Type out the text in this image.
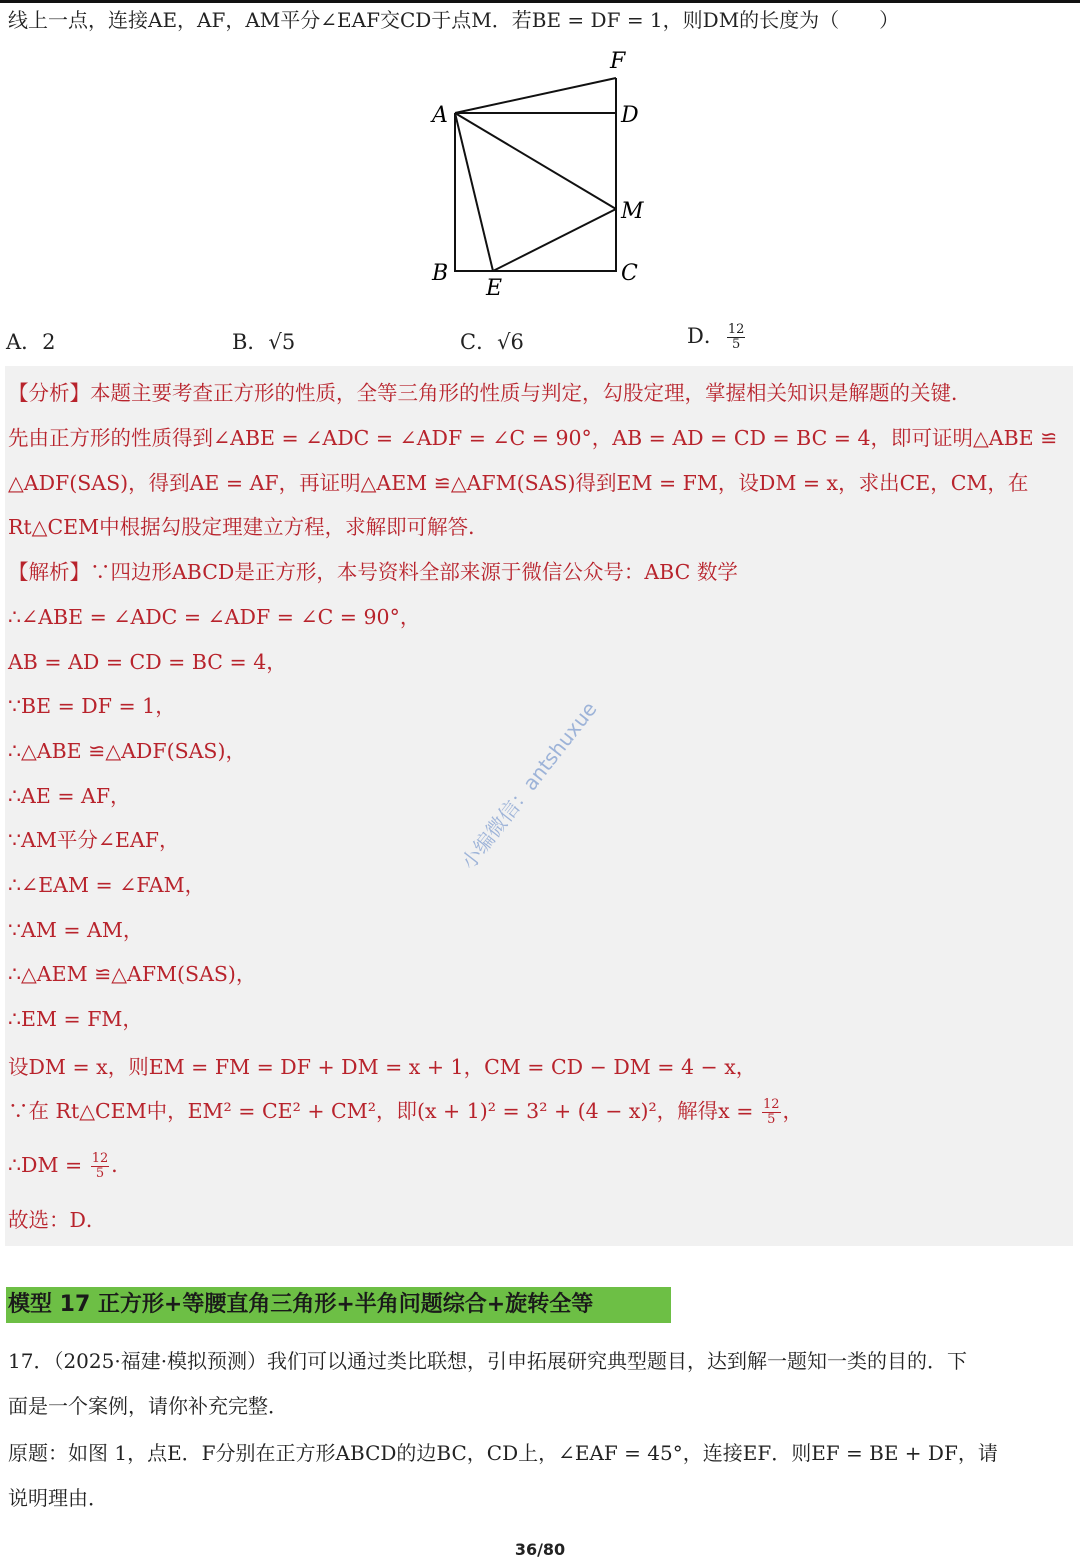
线上一点，连接AE，AF，AM平分∠EAF交CD于点M．若BE = DF = 1，则DM的长度为（　　）
F
A	D
M
B	C
E
A．2	B．√5	C．√6	D． $\frac{12}{5}$
【分析】本题主要考查正方形的性质，全等三角形的性质与判定，勾股定理，掌握相关知识是解题的关键．
先由正方形的性质得到∠ABE = ∠ADC = ∠ADF = ∠C = 90°，AB = AD = CD = BC = 4，即可证明△ABE ≌
△ADF(SAS)，得到AE = AF，再证明△AEM ≌△AFM(SAS)得到EM = FM，设DM = x，求出CE，CM，在
Rt△CEM中根据勾股定理建立方程，求解即可解答．
【解析】∵四边形ABCD是正方形，本号资料全部来源于微信公众号：ABC 数学
∴∠ABE = ∠ADC = ∠ADF = ∠C = 90°，
AB = AD = CD = BC = 4，
∵BE = DF = 1，
∴△ABE ≌△ADF(SAS)，
∴AE = AF，
∵AM平分∠EAF，
∴∠EAM = ∠FAM，
∵AM = AM，
∴△AEM ≌△AFM(SAS)，
∴EM = FM，
设DM = x，则EM = FM = DF + DM = x + 1，CM = CD − DM = 4 − x，
∵在 Rt△CEM中，EM² = CE² + CM²，即(x + 1)² = 3² + (4 − x)²，解得$x = \frac{12}{5}$ ，
∴DM = $\frac{12}{5}$ ．
故选：D．
小编微信：antshuxue
模型 17 正方形+等腰直角三角形+半角问题综合+旋转全等
17．（2025·福建·模拟预测）我们可以通过类比联想，引申拓展研究典型题目，达到解一题知一类的目的．下
面是一个案例，请你补充完整．
原题：如图 1，点E．F分别在正方形ABCD的边BC，CD上，∠EAF = 45°，连接EF．则EF = BE + DF，请
说明理由．
36/80
